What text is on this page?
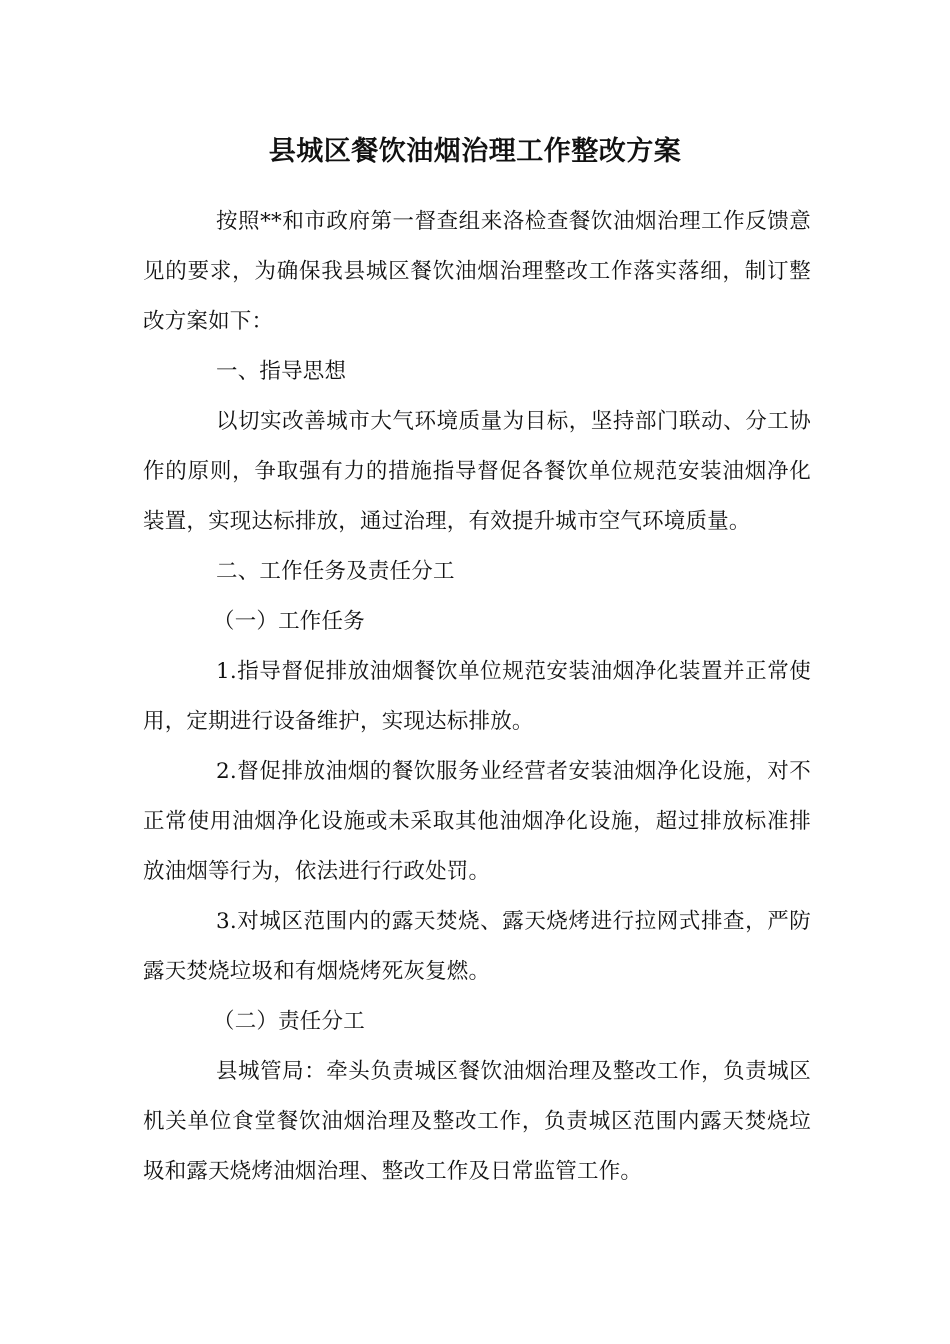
县城区餐饮油烟治理工作整改方案

按照**和市政府第一督查组来洛检查餐饮油烟治理工作反馈意见的要求，为确保我县城区餐饮油烟治理整改工作落实落细，制订整改方案如下：

一、指导思想

以切实改善城市大气环境质量为目标，坚持部门联动、分工协作的原则，争取强有力的措施指导督促各餐饮单位规范安装油烟净化装置，实现达标排放，通过治理，有效提升城市空气环境质量。

二、工作任务及责任分工

（一）工作任务

1.指导督促排放油烟餐饮单位规范安装油烟净化装置并正常使用，定期进行设备维护，实现达标排放。

2.督促排放油烟的餐饮服务业经营者安装油烟净化设施，对不正常使用油烟净化设施或未采取其他油烟净化设施，超过排放标准排放油烟等行为，依法进行行政处罚。

3.对城区范围内的露天焚烧、露天烧烤进行拉网式排查，严防露天焚烧垃圾和有烟烧烤死灰复燃。

（二）责任分工

县城管局：牵头负责城区餐饮油烟治理及整改工作，负责城区机关单位食堂餐饮油烟治理及整改工作，负责城区范围内露天焚烧垃圾和露天烧烤油烟治理、整改工作及日常监管工作。
